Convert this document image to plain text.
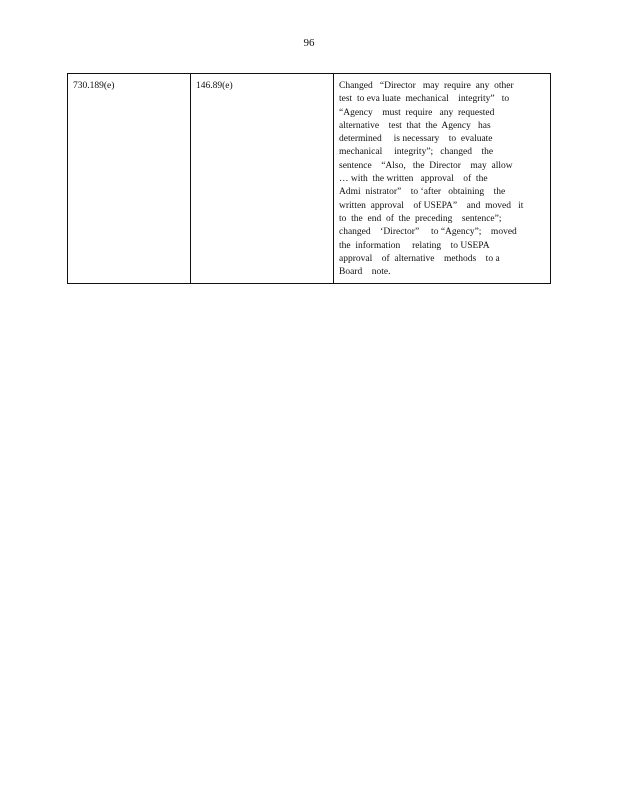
96
730.189(e)	146.89(e)	Changed   “Director   may  require  any  other
test  to eva luate  mechanical    integrity”   to
“Agency    must  require   any  requested
alternative    test  that  the  Agency   has
determined     is necessary    to  evaluate
mechanical     integrity”;   changed    the
sentence    “Also,   the  Director    may  allow
… with  the written   approval    of  the
Admi  nistrator”    to ‘after   obtaining    the
written  approval    of USEPA”    and  moved   it
to  the  end  of  the  preceding    sentence”;
changed    ‘Director”     to “Agency”;    moved
the  information     relating    to USEPA
approval    of  alternative    methods    to a
Board    note.
